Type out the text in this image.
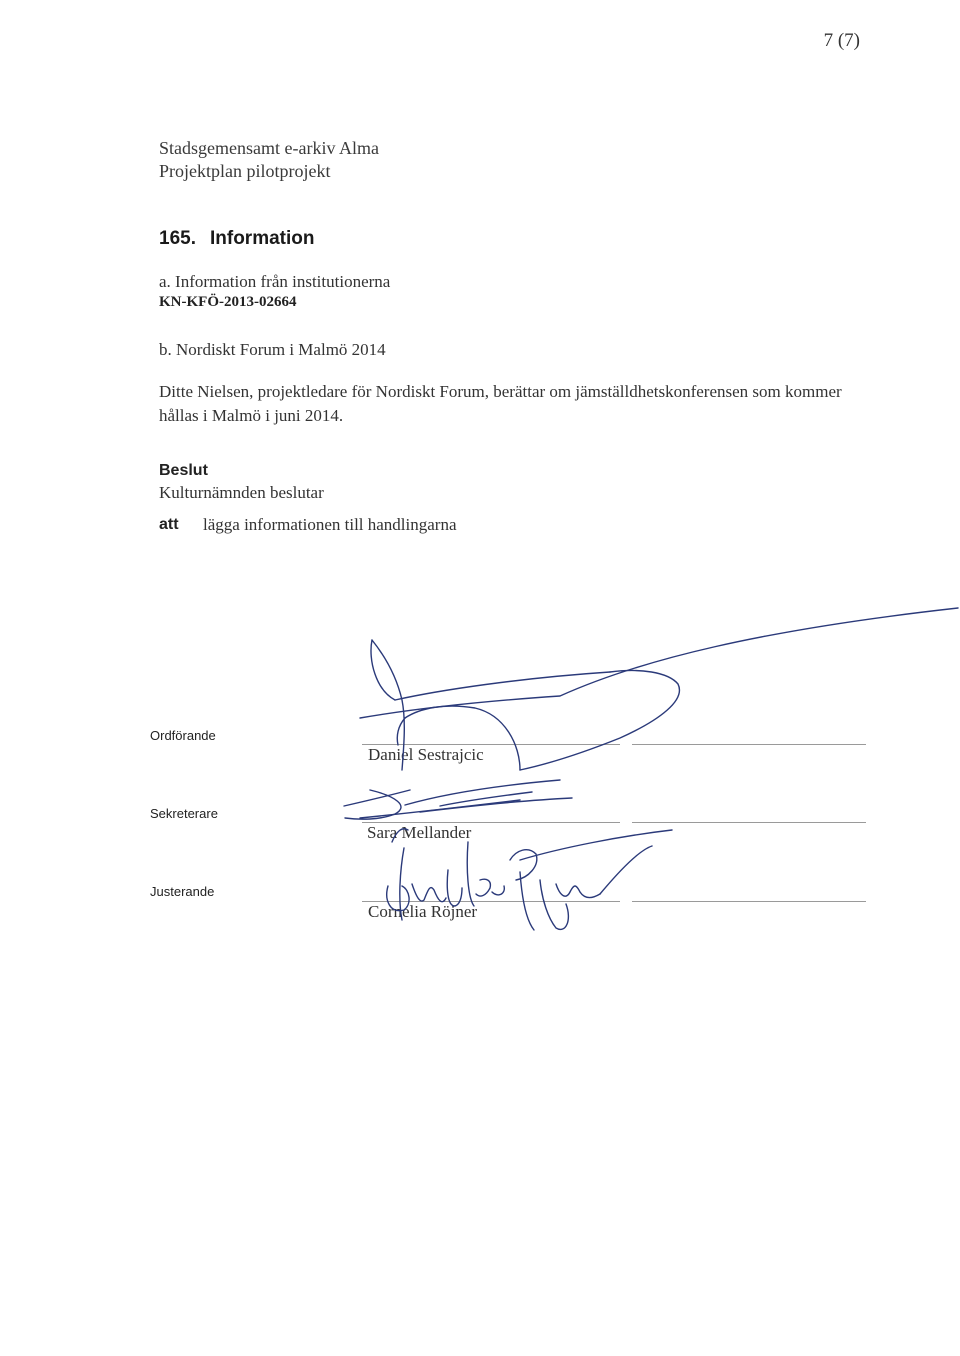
7 (7)
Stadsgemensamt e-arkiv Alma
Projektplan pilotprojekt
165. Information
a. Information från institutionerna
KN-KFÖ-2013-02664
b. Nordiskt Forum i Malmö 2014
Ditte Nielsen, projektledare för Nordiskt Forum, berättar om jämställdhetskonferensen som kommer hållas i Malmö i juni 2014.
Beslut
Kulturnämnden beslutar
att lägga informationen till handlingarna
Ordförande
Sekreterare
Justerande
Daniel Sestrajcic
Sara Mellander
Cornelia Röjner
